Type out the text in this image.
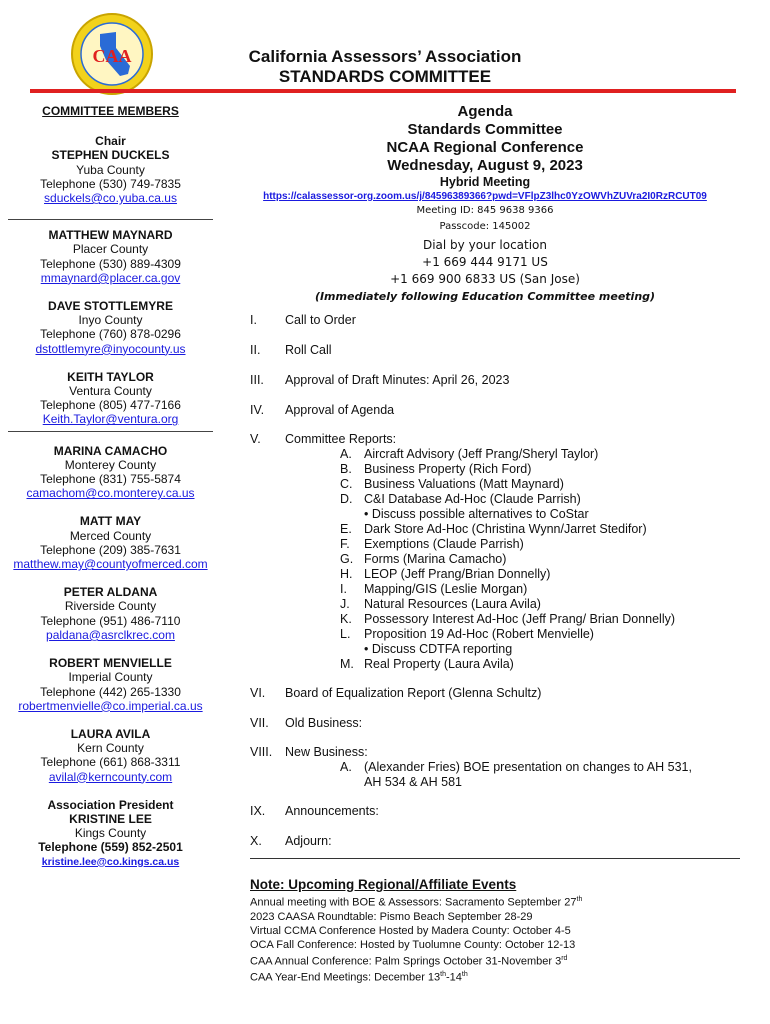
CAA	California Assessors’ Association
STANDARDS COMMITTEE
COMMITTEE MEMBERS
Chair
STEPHEN DUCKELS
Yuba County
Telephone (530) 749-7835
sduckels@co.yuba.ca.us
MATTHEW MAYNARD
Placer County
Telephone (530) 889-4309
mmaynard@placer.ca.gov
DAVE STOTTLEMYRE
Inyo County
Telephone (760) 878-0296
dstottlemyre@inyocounty.us
KEITH TAYLOR
Ventura County
Telephone (805) 477-7166
Keith.Taylor@ventura.org
MARINA CAMACHO
Monterey County
Telephone (831) 755-5874
camachom@co.monterey.ca.us
MATT MAY
Merced County
Telephone (209) 385-7631
matthew.may@countyofmerced.com
PETER ALDANA
Riverside County
Telephone (951) 486-7110
paldana@asrclkrec.com
ROBERT MENVIELLE
Imperial County
Telephone (442) 265-1330
robertmenvielle@co.imperial.ca.us
LAURA AVILA
Kern County
Telephone (661) 868-3311
avilal@kerncounty.com
Association President
KRISTINE LEE
Kings County
Telephone (559) 852-2501
kristine.lee@co.kings.ca.us
Agenda
Standards Committee
NCAA Regional Conference
Wednesday, August 9, 2023
Hybrid Meeting
https://calassessor-org.zoom.us/j/84596389366?pwd=VFlpZ3lhc0YzOWVhZUVra2I0RzRCUT09
Meeting ID: 845 9638 9366
Passcode: 145002
Dial by your location
+1 669 444 9171 US
+1 669 900 6833 US (San Jose)
(Immediately following Education Committee meeting)
I.	Call to Order
II.	Roll Call
III.	Approval of Draft Minutes: April 26, 2023
IV.	Approval of Agenda
V.	Committee Reports:
A. Aircraft Advisory (Jeff Prang/Sheryl Taylor)
B. Business Property (Rich Ford)
C. Business Valuations (Matt Maynard)
D. C&I Database Ad-Hoc (Claude Parrish)
• Discuss possible alternatives to CoStar
E. Dark Store Ad-Hoc (Christina Wynn/Jarret Stedifor)
F. Exemptions (Claude Parrish)
G. Forms (Marina Camacho)
H. LEOP (Jeff Prang/Brian Donnelly)
I. Mapping/GIS (Leslie Morgan)
J. Natural Resources (Laura Avila)
K. Possessory Interest Ad-Hoc (Jeff Prang/ Brian Donnelly)
L. Proposition 19 Ad-Hoc (Robert Menvielle)
• Discuss CDTFA reporting
M. Real Property (Laura Avila)
VI.	Board of Equalization Report (Glenna Schultz)
VII.	Old Business:
VIII.	New Business:
A. (Alexander Fries) BOE presentation on changes to AH 531,
AH 534 & AH 581
IX.	Announcements:
X.	Adjourn:
Note: Upcoming Regional/Affiliate Events
Annual meeting with BOE & Assessors: Sacramento September 27th
2023 CAASA Roundtable: Pismo Beach September 28-29
Virtual CCMA Conference Hosted by Madera County: October 4-5
OCA Fall Conference: Hosted by Tuolumne County: October 12-13
CAA Annual Conference: Palm Springs October 31-November 3rd
CAA Year-End Meetings: December 13th-14th
